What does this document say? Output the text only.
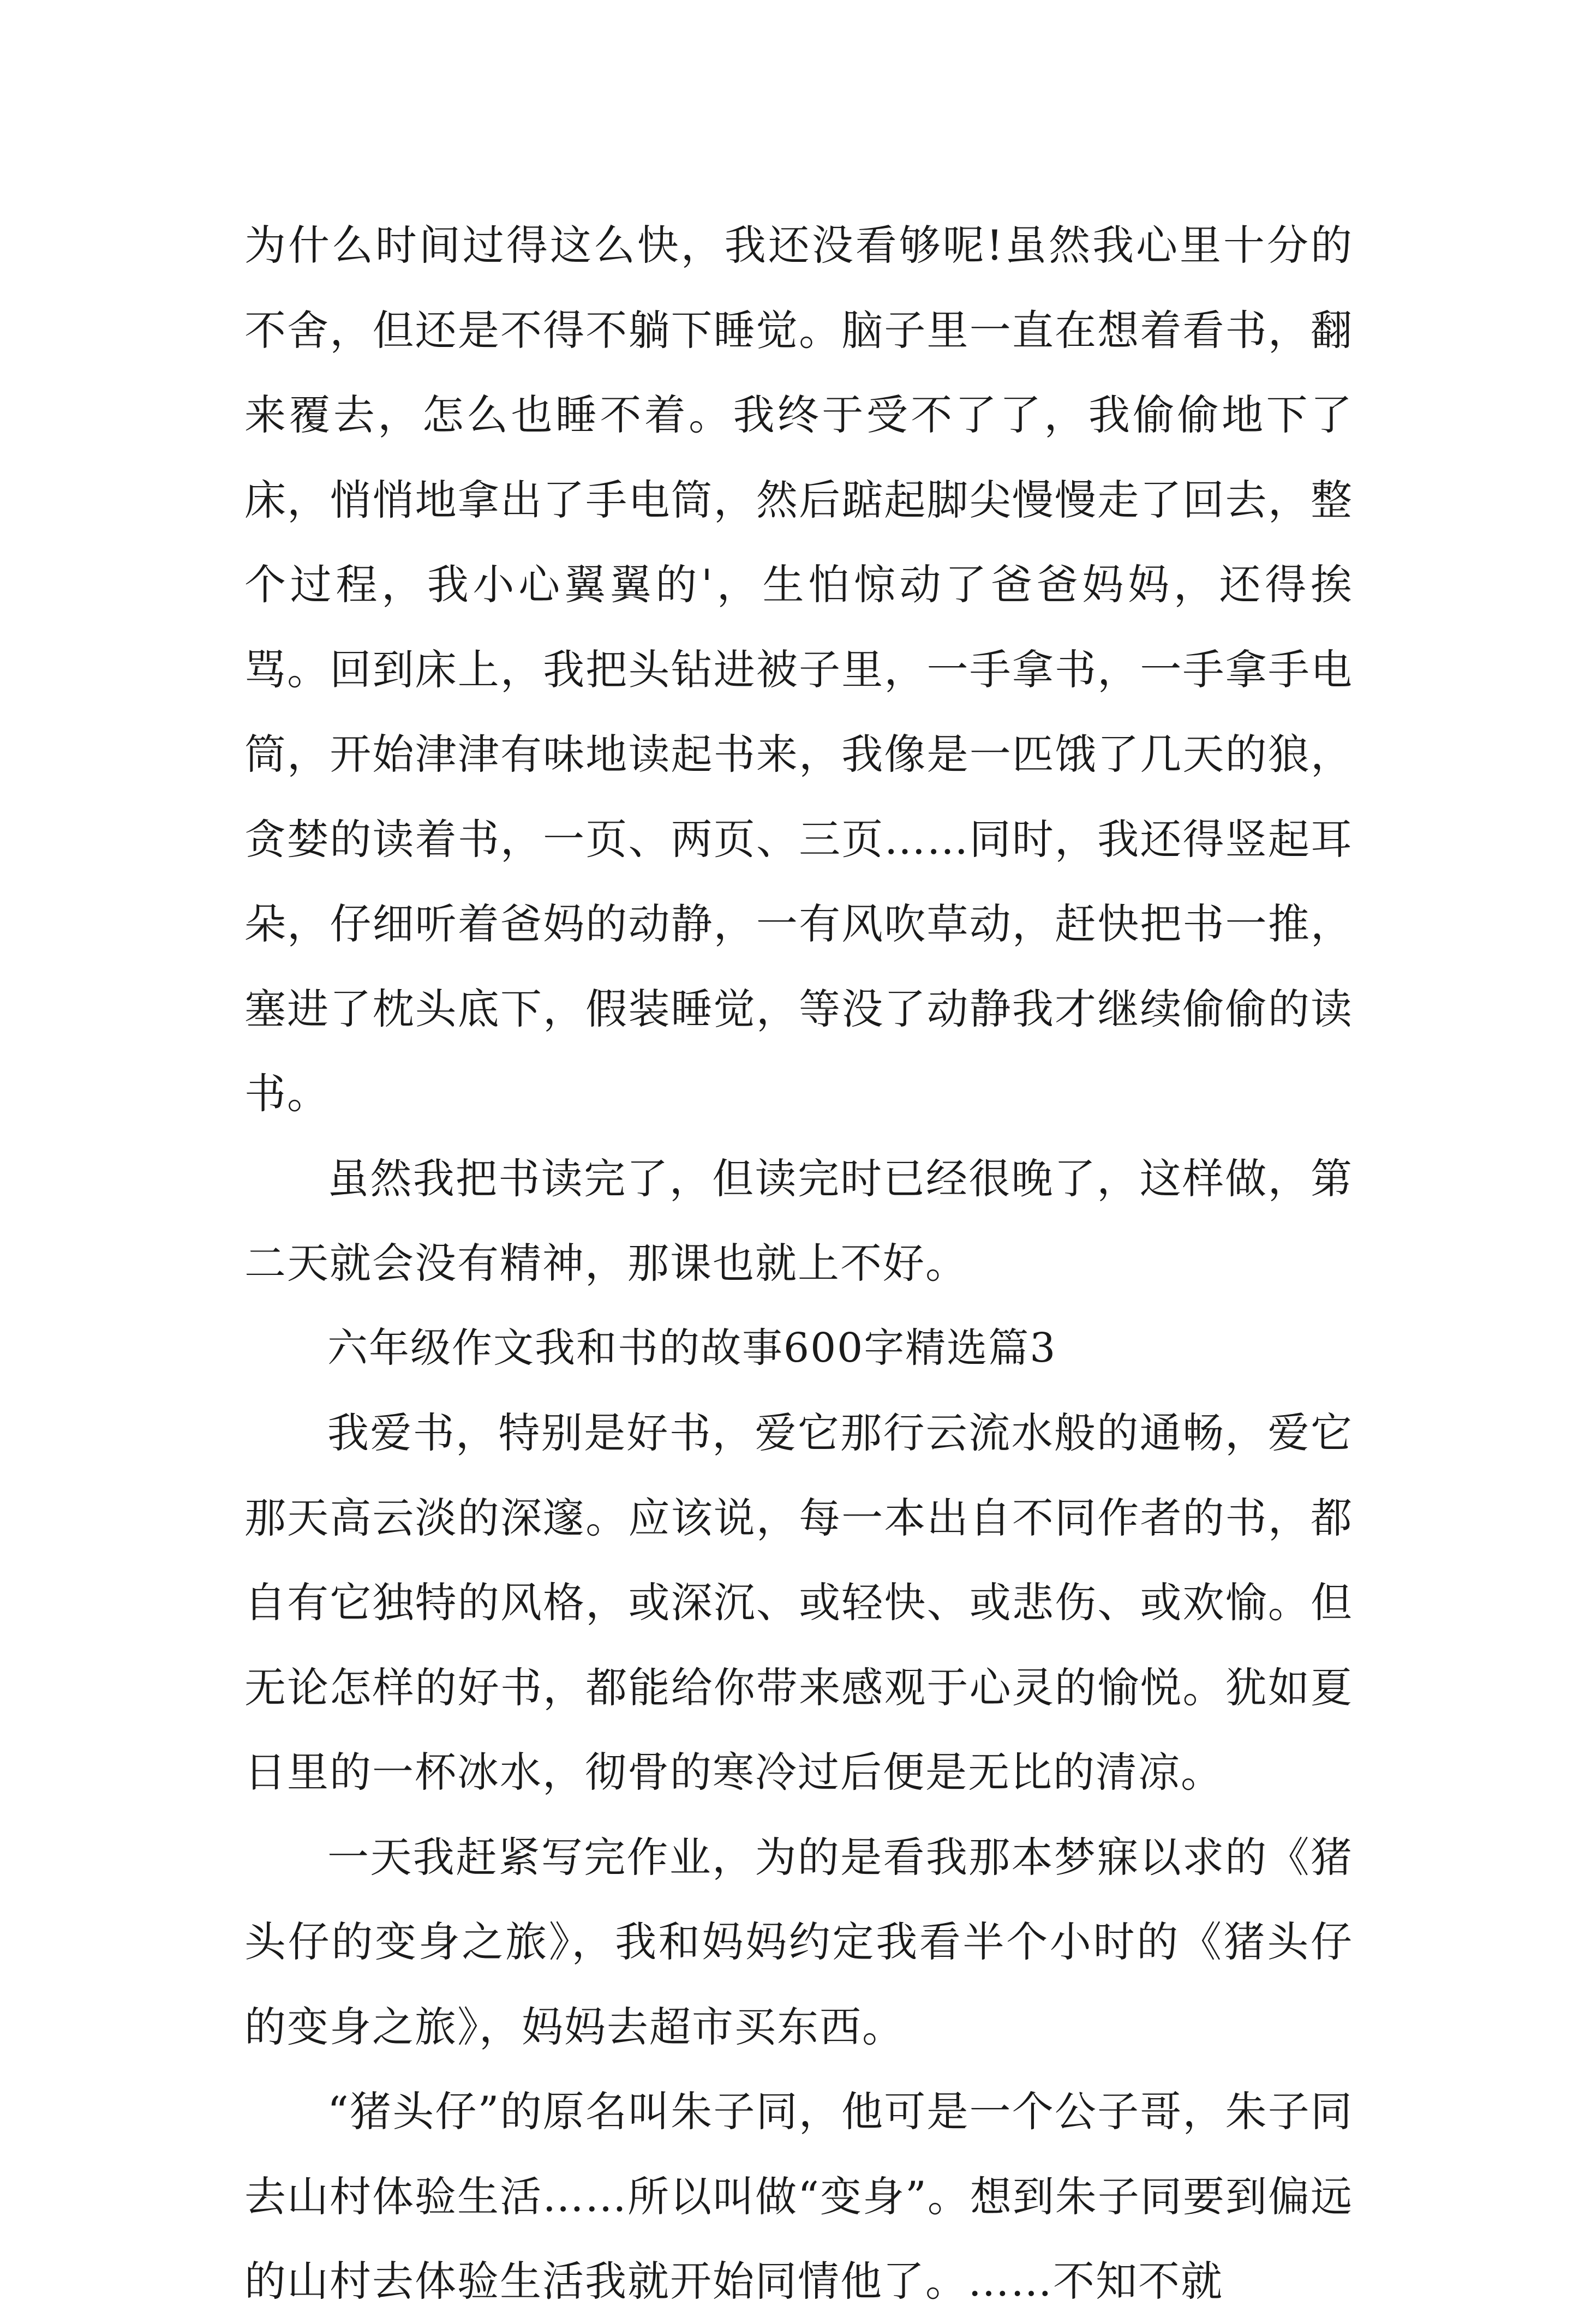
为什么时间过得这么快，我还没看够呢!虽然我心里十分的不舍，但还是不得不躺下睡觉。脑子里一直在想着看书，翻来覆去，怎么也睡不着。我终于受不了了，我偷偷地下了床，悄悄地拿出了手电筒，然后踮起脚尖慢慢走了回去，整个过程，我小心翼翼的'，生怕惊动了爸爸妈妈，还得挨骂。回到床上，我把头钻进被子里，一手拿书，一手拿手电筒，开始津津有味地读起书来，我像是一匹饿了几天的狼，贪婪的读着书，一页、两页、三页……同时，我还得竖起耳朵，仔细听着爸妈的动静，一有风吹草动，赶快把书一推，塞进了枕头底下，假装睡觉，等没了动静我才继续偷偷的读书。

虽然我把书读完了，但读完时已经很晚了，这样做，第二天就会没有精神，那课也就上不好。

六年级作文我和书的故事600字精选篇3

我爱书，特别是好书，爱它那行云流水般的通畅，爱它那天高云淡的深邃。应该说，每一本出自不同作者的书，都自有它独特的风格，或深沉、或轻快、或悲伤、或欢愉。但无论怎样的好书，都能给你带来感观于心灵的愉悦。犹如夏日里的一杯冰水，彻骨的寒冷过后便是无比的清凉。

一天我赶紧写完作业，为的是看我那本梦寐以求的《猪头仔的变身之旅》，我和妈妈约定我看半个小时的《猪头仔的变身之旅》，妈妈去超市买东西。

“猪头仔”的原名叫朱子同，他可是一个公子哥，朱子同去山村体验生活……所以叫做“变身”。想到朱子同要到偏远的山村去体验生活我就开始同情他了。……不知不就
